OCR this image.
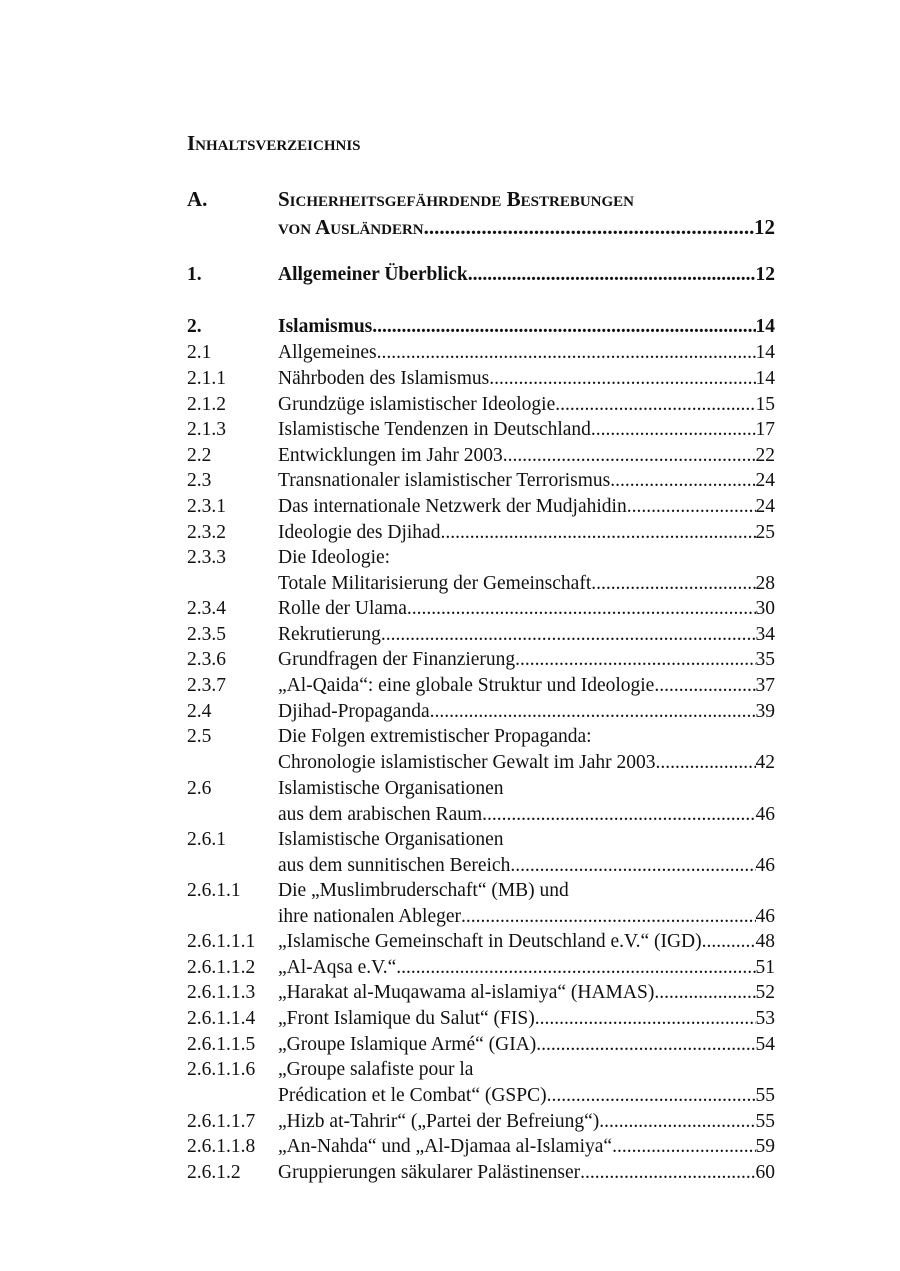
Inhaltsverzeichnis
A.	Sicherheitsgefährdende Bestrebungen
von Ausländern .....	12
1.	Allgemeiner Überblick .....	12
2.	Islamismus .....	14
2.1	Allgemeines .....	14
2.1.1	Nährboden des Islamismus .....	14
2.1.2	Grundzüge islamistischer Ideologie .....	15
2.1.3	Islamistische Tendenzen in Deutschland .....	17
2.2	Entwicklungen im Jahr 2003 .....	22
2.3	Transnationaler islamistischer Terrorismus .....	24
2.3.1	Das internationale Netzwerk der Mudjahidin .....	24
2.3.2	Ideologie des Djihad .....	25
2.3.3	Die Ideologie:
Totale Militarisierung der Gemeinschaft .....	28
2.3.4	Rolle der Ulama .....	30
2.3.5	Rekrutierung .....	34
2.3.6	Grundfragen der Finanzierung .....	35
2.3.7	„Al-Qaida“: eine globale Struktur und Ideologie .....	37
2.4	Djihad-Propaganda .....	39
2.5	Die Folgen extremistischer Propaganda:
Chronologie islamistischer Gewalt im Jahr 2003 .....	42
2.6	Islamistische Organisationen
aus dem arabischen Raum .....	46
2.6.1	Islamistische Organisationen
aus dem sunnitischen Bereich .....	46
2.6.1.1 Die „Muslimbruderschaft“ (MB) und
ihre nationalen Ableger .....	46
2.6.1.1.1 „Islamische Gemeinschaft in Deutschland e.V.“ (IGD) .....	48
2.6.1.1.2 „Al-Aqsa e.V.“ .....	51
2.6.1.1.3 „Harakat al-Muqawama al-islamiya“ (HAMAS) .....	52
2.6.1.1.4 „Front Islamique du Salut“ (FIS) .....	53
2.6.1.1.5 „Groupe Islamique Armé“ (GIA) .....	54
2.6.1.1.6 „Groupe salafiste pour la
Prédication et le Combat“ (GSPC) .....	55
2.6.1.1.7 „Hizb at-Tahrir“ („Partei der Befreiung“) .....	55
2.6.1.1.8 „An-Nahda“ und „Al-Djamaa al-Islamiya“ .....	59
2.6.1.2 Gruppierungen säkularer Palästinenser .....	60
